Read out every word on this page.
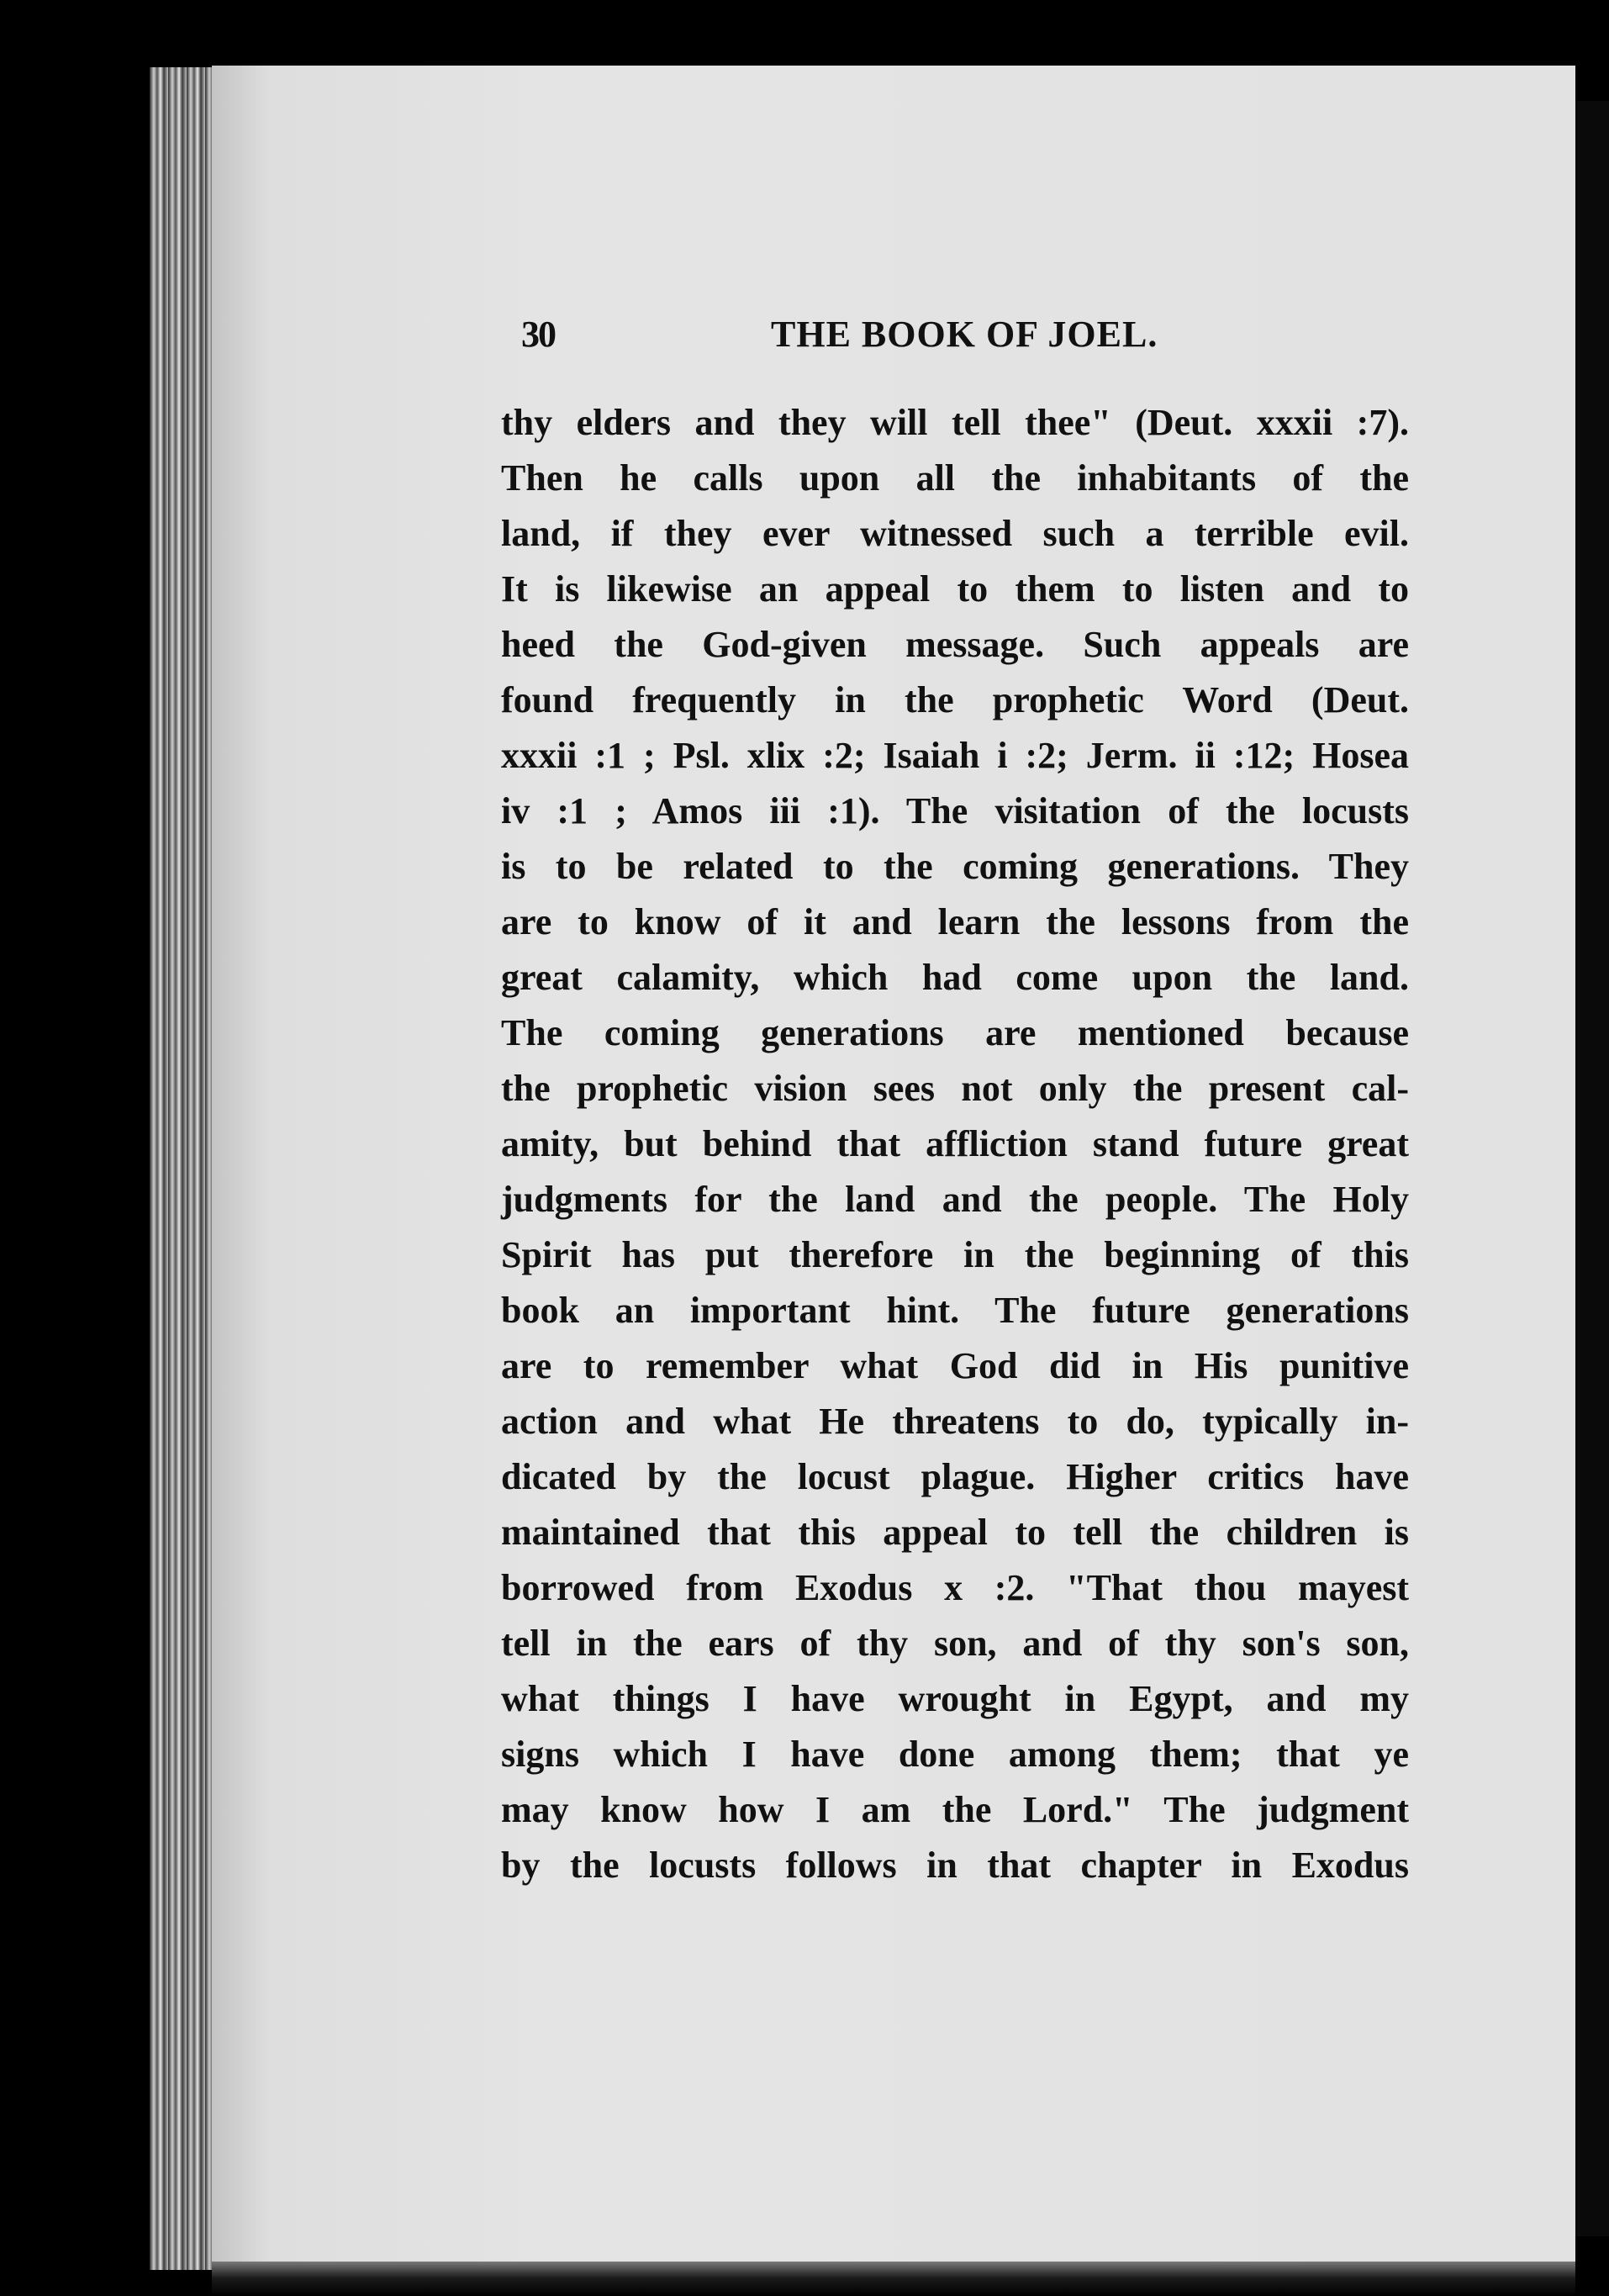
30	THE BOOK OF JOEL.
thy elders and they will tell thee" (Deut. xxxii :7).
Then he calls upon all the inhabitants of the
land, if they ever witnessed such a terrible evil.
It is likewise an appeal to them to listen and to
heed the God-given message. Such appeals are
found frequently in the prophetic Word (Deut.
xxxii :1 ; Psl. xlix :2; Isaiah i :2; Jerm. ii :12; Hosea
iv :1 ; Amos iii :1). The visitation of the locusts
is to be related to the coming generations. They
are to know of it and learn the lessons from the
great calamity, which had come upon the land.
The coming generations are mentioned because
the prophetic vision sees not only the present cal-
amity, but behind that affliction stand future great
judgments for the land and the people. The Holy
Spirit has put therefore in the beginning of this
book an important hint. The future generations
are to remember what God did in His punitive
action and what He threatens to do, typically in-
dicated by the locust plague. Higher critics have
maintained that this appeal to tell the children is
borrowed from Exodus x :2. "That thou mayest
tell in the ears of thy son, and of thy son's son,
what things I have wrought in Egypt, and my
signs which I have done among them; that ye
may know how I am the Lord." The judgment
by the locusts follows in that chapter in Exodus
